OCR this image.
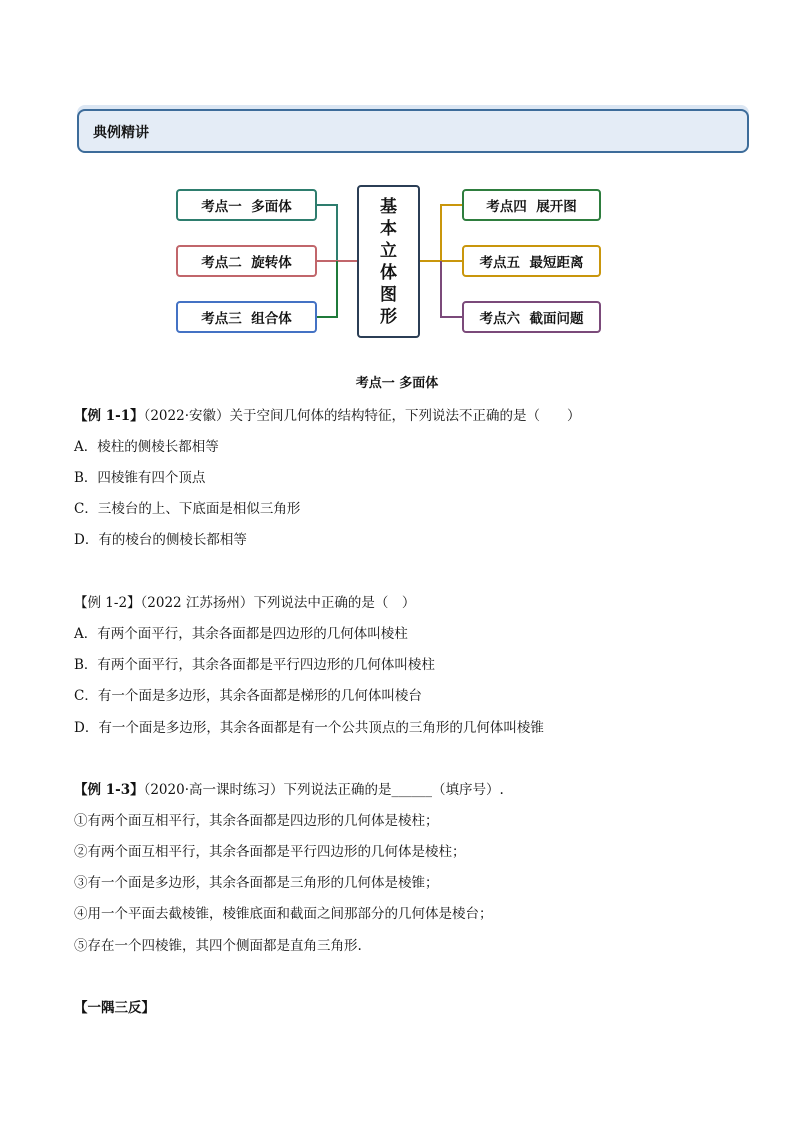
典例精讲
考点一  多面体
考点二  旋转体
考点三  组合体
基
本
立
体
图
形
考点四  展开图
考点五  最短距离
考点六  截面问题
考点一 多面体
【例 1-1】（2022·安徽）关于空间几何体的结构特征，下列说法不正确的是（　　）
A．棱柱的侧棱长都相等
B．四棱锥有四个顶点
C．三棱台的上、下底面是相似三角形
D．有的棱台的侧棱长都相等
【例 1-2】（2022 江苏扬州）下列说法中正确的是（　）
A．有两个面平行，其余各面都是四边形的几何体叫棱柱
B．有两个面平行，其余各面都是平行四边形的几何体叫棱柱
C．有一个面是多边形，其余各面都是梯形的几何体叫棱台
D．有一个面是多边形，其余各面都是有一个公共顶点的三角形的几何体叫棱锥
【例 1-3】（2020·高一课时练习）下列说法正确的是______（填序号）.
①有两个面互相平行，其余各面都是四边形的几何体是棱柱；
②有两个面互相平行，其余各面都是平行四边形的几何体是棱柱；
③有一个面是多边形，其余各面都是三角形的几何体是棱锥；
④用一个平面去截棱锥，棱锥底面和截面之间那部分的几何体是棱台；
⑤存在一个四棱锥，其四个侧面都是直角三角形.
【一隅三反】
